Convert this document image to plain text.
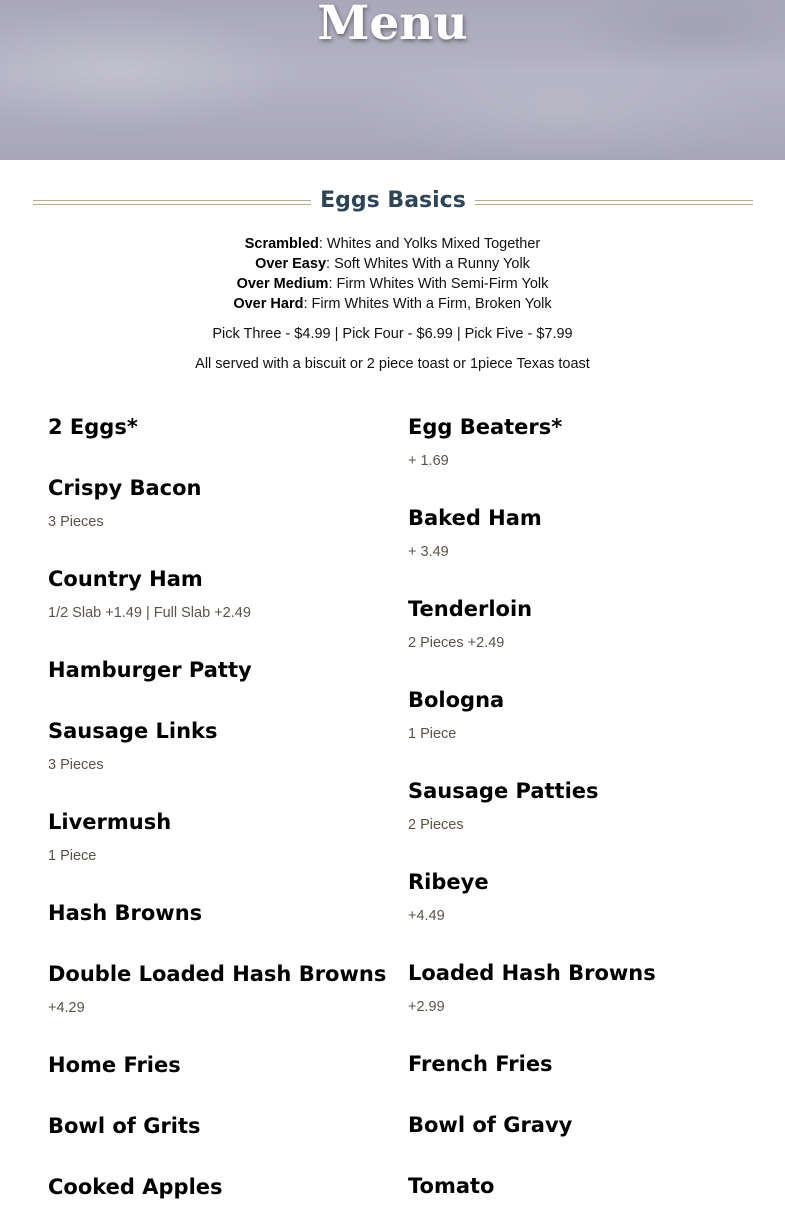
Menu
Eggs Basics
Scrambled: Whites and Yolks Mixed Together
Over Easy: Soft Whites With a Runny Yolk
Over Medium: Firm Whites With Semi-Firm Yolk
Over Hard: Firm Whites With a Firm, Broken Yolk
Pick Three - $4.99 | Pick Four - $6.99 | Pick Five - $7.99
All served with a biscuit or 2 piece toast or 1piece Texas toast
2 Eggs*
Crispy Bacon
3 Pieces
Country Ham
1/2 Slab +1.49 | Full Slab +2.49
Hamburger Patty
Sausage Links
3 Pieces
Livermush
1 Piece
Hash Browns
Double Loaded Hash Browns
+4.29
Home Fries
Bowl of Grits
Cooked Apples
Egg Beaters*
+ 1.69
Baked Ham
+ 3.49
Tenderloin
2 Pieces +2.49
Bologna
1 Piece
Sausage Patties
2 Pieces
Ribeye
+4.49
Loaded Hash Browns
+2.99
French Fries
Bowl of Gravy
Tomato
